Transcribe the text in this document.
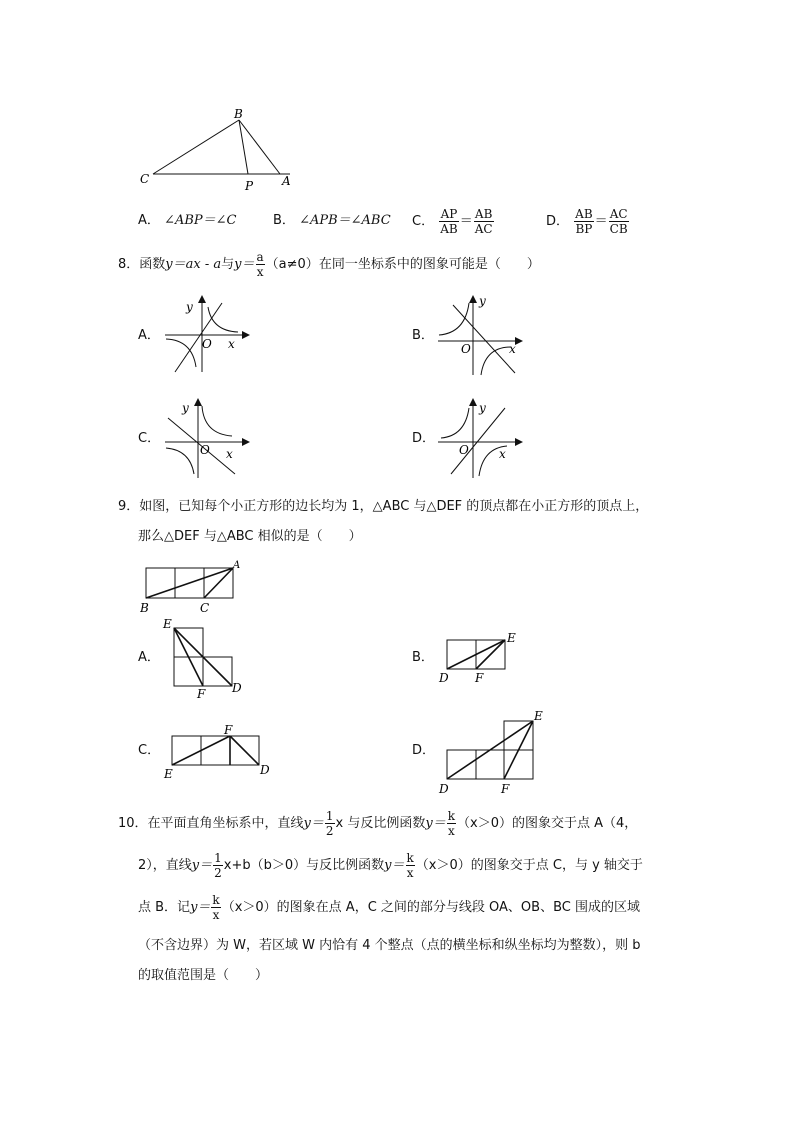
B
C	P A
A． ∠ABP＝∠C	B． ∠APB＝∠ABC C． $\frac{AP}{AB} = \frac{AB}{AC}$	D． $\frac{AB}{BP} = \frac{AC}{CB}$
8．函数y＝ax - a与$y= \frac{a}{x} (a\ne 0)$在同一坐标系中的图象可能是（　　）
A．	B．
C．	D．
y
O x
y
O	x
y
O x
y
O	x
9．如图，已知每个小正方形的边长均为 1，△ABC 与△DEF 的顶点都在小正方形的顶点上，
那么△DEF 与△ABC 相似的是（　　）
A
B	C
A．	B．
C．	D．
E
F D
E
D F
F
E	D
E
D	F
10．在平面直角坐标系中，直线$y= \frac{1}{2}$ x 与反比例函数$y= \frac{k}{x} (x>0)$的图象交于点 A（4，
2），直线$y= \frac{1}{2} x+b(b>0)$与反比例函数$y= \frac{k}{x} (x>0)$的图象交于点 C，与 y 轴交于
点 B．记$y= \frac{k}{x} (x>0)$的图象在点 A，C 之间的部分与线段 OA、OB、BC 围成的区域
（不含边界）为 W，若区域 W 内恰有 4 个整点（点的横坐标和纵坐标均为整数），则 b
的取值范围是（　　）
